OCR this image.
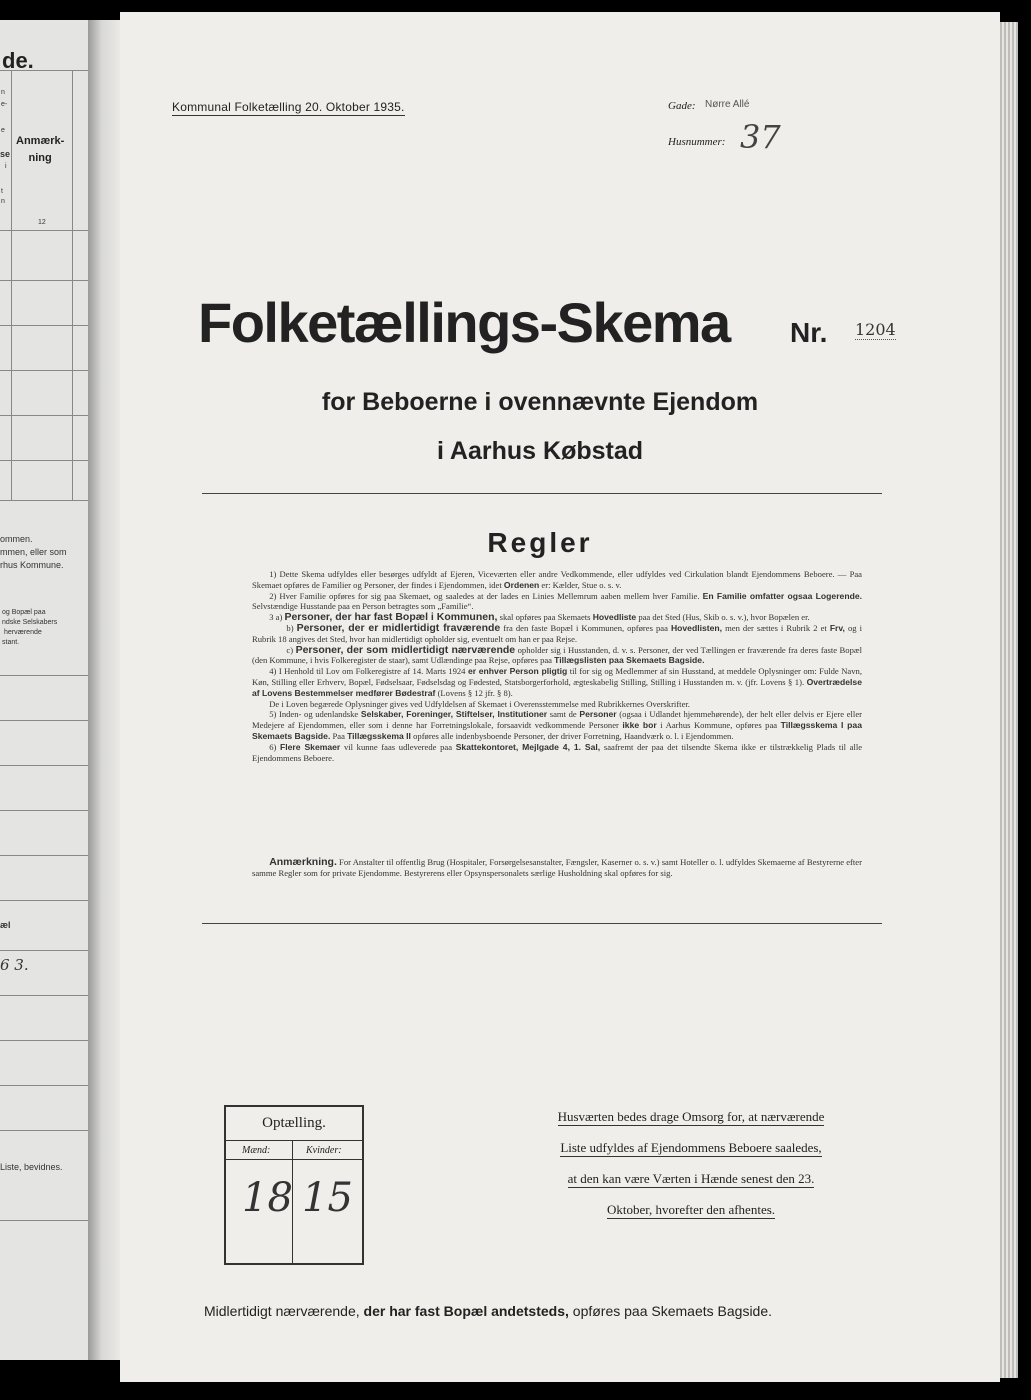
de.
n
e-
e
se
i
t
n
Anmærk-
ning
12
ommen.
mmen, eller som
rhus Kommune.
og Bopæl paa
ndske Selskabers
herværende
stant.
æl
6 3.
Liste, bevidnes.
Kommunal Folketælling 20. Oktober 1935.	Gade: Nørre Allé
Husnummer: 37
Folketællings-Skema Nr. 1204
for Beboerne i ovennævnte Ejendom
i Aarhus Købstad
Regler

1) Dette Skema udfyldes eller besørges udfyldt af Ejeren, Viceværten eller andre Vedkommende, eller udfyldes ved Cirkulation blandt Ejendommens Beboere. — Paa Skemaet opføres de Familier og Personer, der findes i Ejendommen, idet Ordenen er: Kælder, Stue o. s. v.

2) Hver Familie opføres for sig paa Skemaet, og saaledes at der lades en Linies Mellemrum aaben mellem hver Familie. En Familie omfatter ogsaa Logerende. Selvstændige Husstande paa en Person betragtes som „Familie“.

3 a) Personer, der har fast Bopæl i Kommunen, skal opføres paa Skemaets Hovedliste paa det Sted (Hus, Skib o. s. v.), hvor Bopælen er.

b) Personer, der er midlertidigt fraværende fra den faste Bopæl i Kommunen, opføres paa Hovedlisten, men der sættes i Rubrik 2 et Frv, og i Rubrik 18 angives det Sted, hvor han midlertidigt opholder sig, eventuelt om han er paa Rejse.

c) Personer, der som midlertidigt nærværende opholder sig i Husstanden, d. v. s. Personer, der ved Tællingen er fraværende fra deres faste Bopæl (den Kommune, i hvis Folkeregister de staar), samt Udlændinge paa Rejse, opføres paa Tillægslisten paa Skemaets Bagside.

4) I Henhold til Lov om Folkeregistre af 14. Marts 1924 er enhver Person pligtig til for sig og Medlemmer af sin Husstand, at meddele Oplysninger om: Fulde Navn, Køn, Stilling eller Erhverv, Bopæl, Fødselsaar, Fødselsdag og Fødested, Statsborgerforhold, ægteskabelig Stilling, Stilling i Husstanden m. v. (jfr. Lovens § 1). Overtrædelse af Lovens Bestemmelser medfører Bødestraf (Lovens § 12 jfr. § 8).

De i Loven begærede Oplysninger gives ved Udfyldelsen af Skemaet i Overensstemmelse med Rubrikkernes Overskrifter.

5) Inden- og udenlandske Selskaber, Foreninger, Stiftelser, Institutioner samt de Personer (ogsaa i Udlandet hjemmehørende), der helt eller delvis er Ejere eller Medejere af Ejendommen, eller som i denne har Forretningslokale, forsaavidt vedkommende Personer ikke bor i Aarhus Kommune, opføres paa Tillægsskema I paa Skemaets Bagside. Paa Tillægsskema II opføres alle indenbysboende Personer, der driver Forretning, Haandværk o. l. i Ejendommen.

6) Flere Skemaer vil kunne faas udleverede paa Skattekontoret, Mejlgade 4, 1. Sal, saafremt der paa det tilsendte Skema ikke er tilstrækkelig Plads til alle Ejendommens Beboere.

Anmærkning. For Anstalter til offentlig Brug (Hospitaler, Forsørgelsesanstalter, Fængsler, Kaserner o. s. v.) samt Hoteller o. l. udfyldes Skemaerne af Bestyrerne efter samme Regler som for private Ejendomme. Bestyrerens eller Opsynspersonalets særlige Husholdning skal opføres for sig.
Optælling.
Mænd:	Kvinder:
18 15
Husværten bedes drage Omsorg for, at nærværende
Liste udfyldes af Ejendommens Beboere saaledes,
at den kan være Værten i Hænde senest den 23.
Oktober, hvorefter den afhentes.
Midlertidigt nærværende, der har fast Bopæl andetsteds, opføres paa Skemaets Bagside.
